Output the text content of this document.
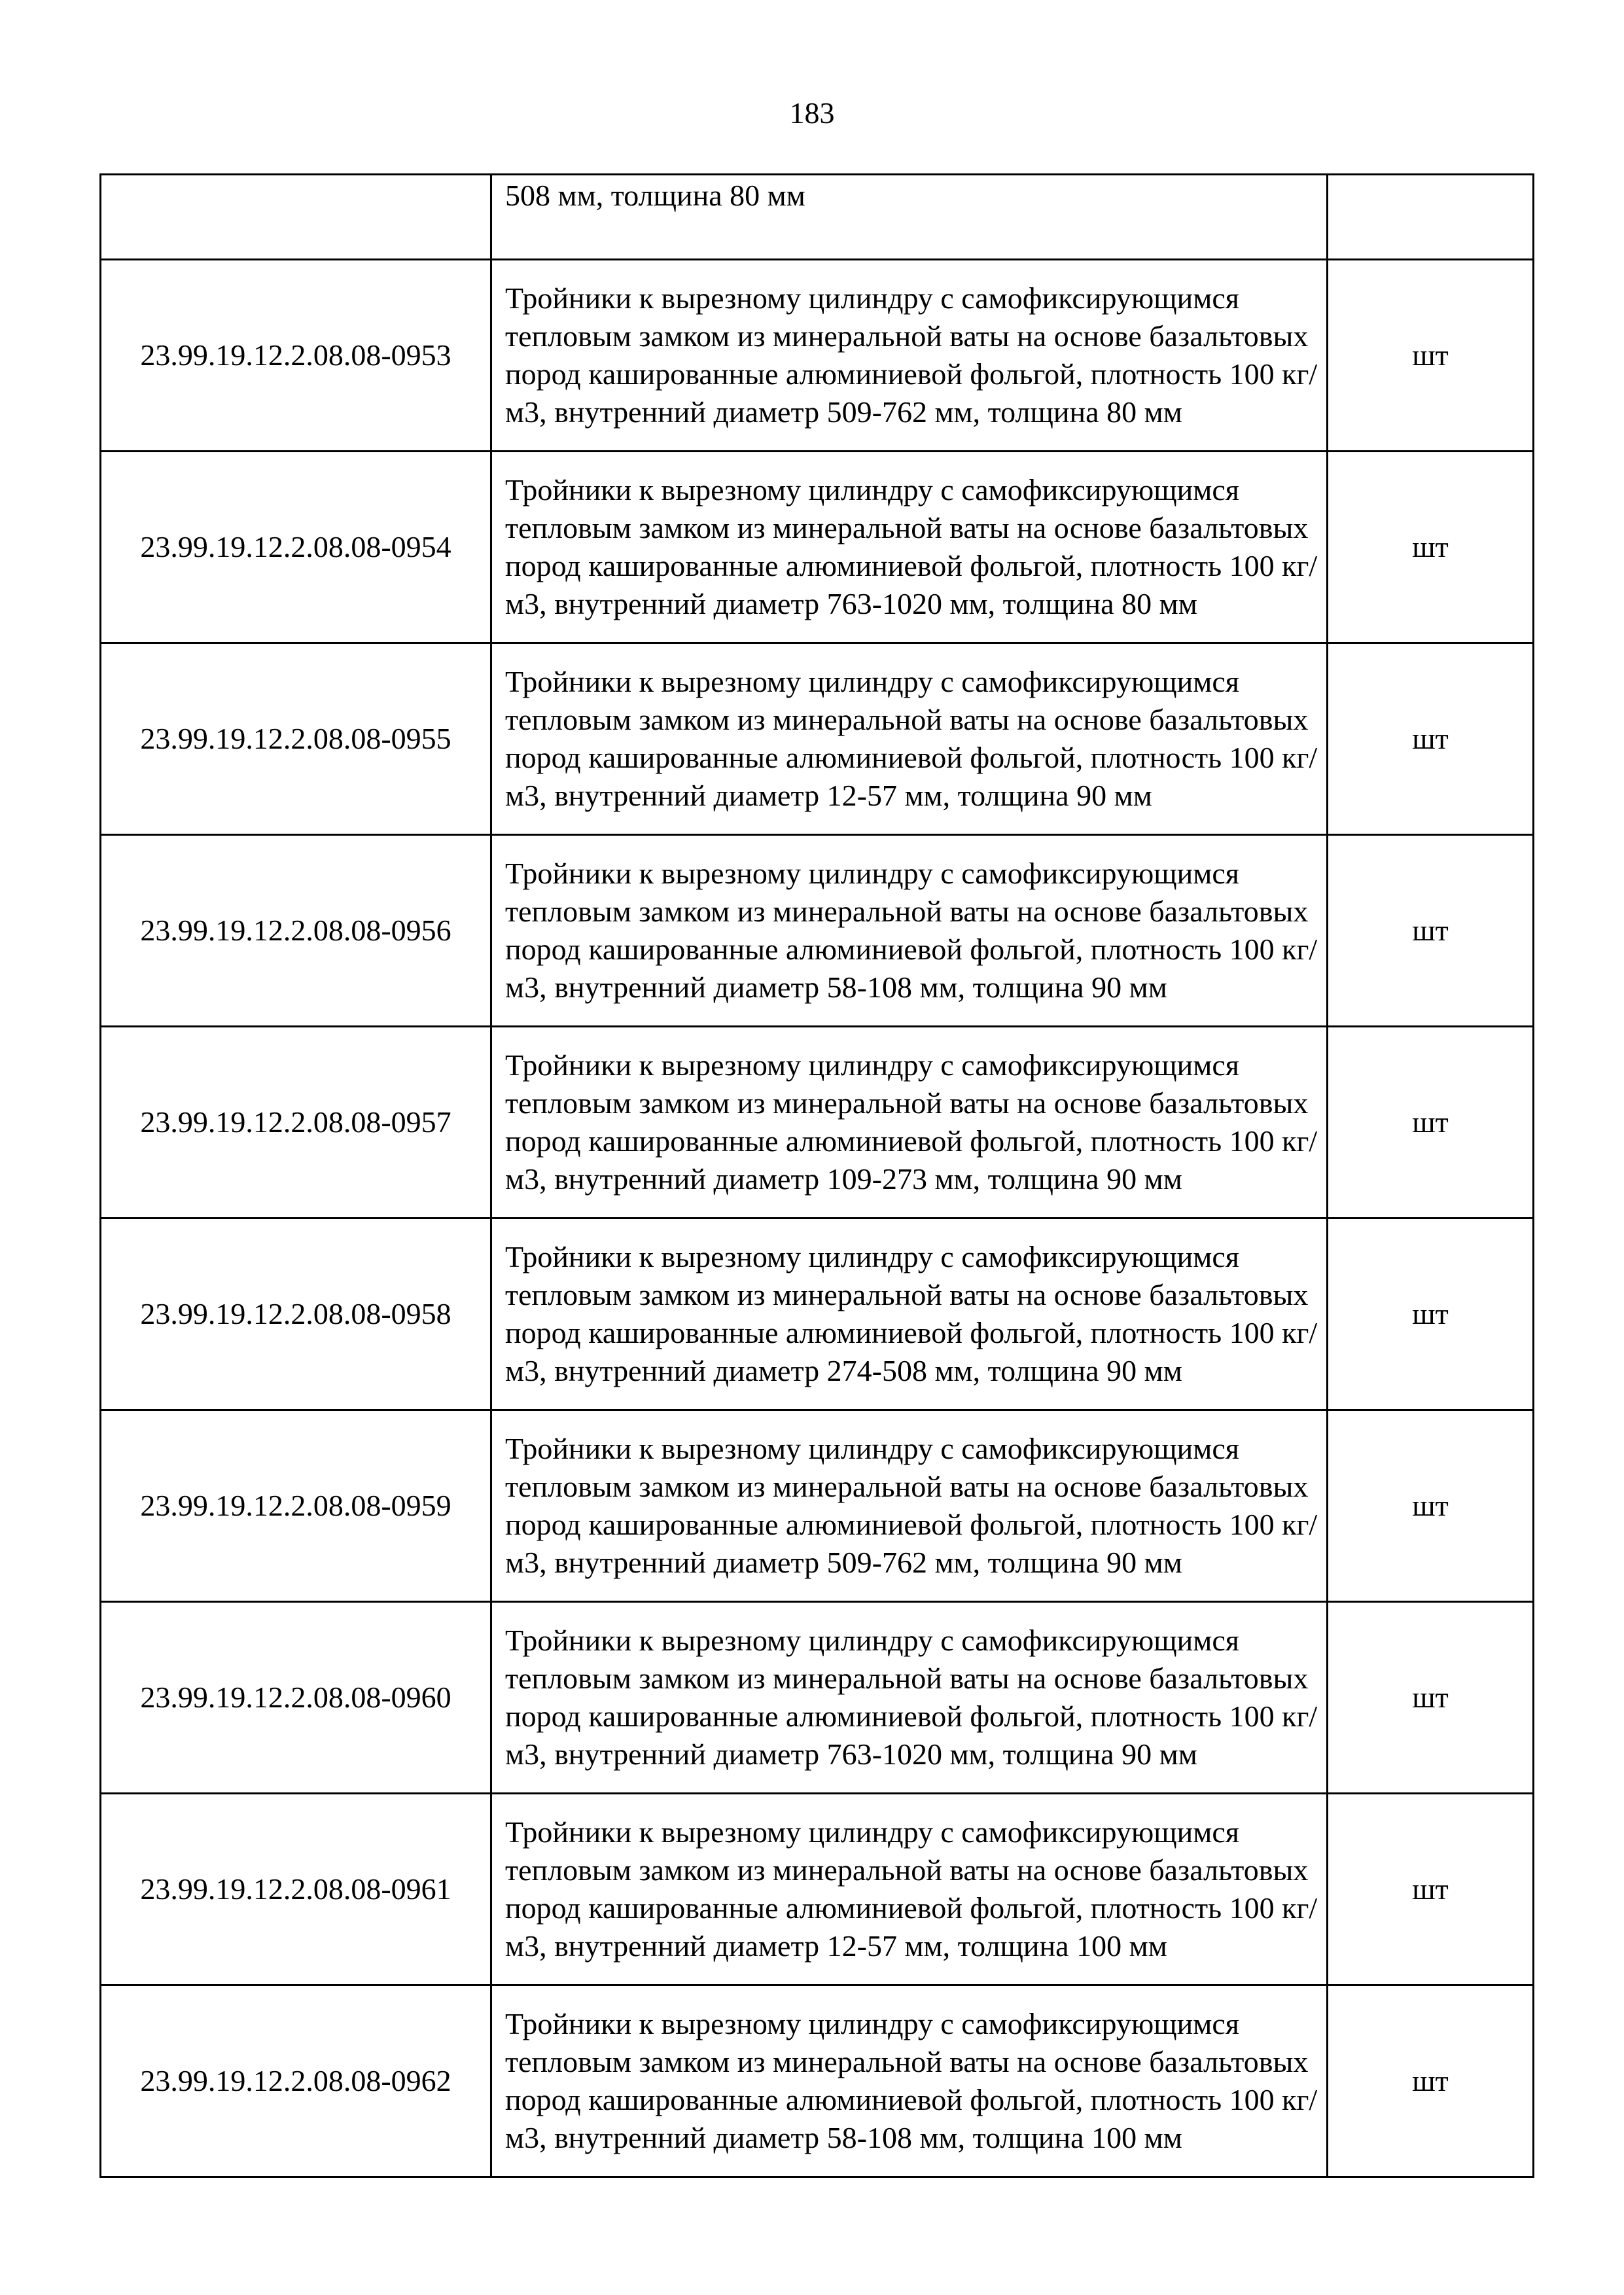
183
	508 мм, толщина 80 мм	
23.99.19.12.2.08.08-0953	Тройники к вырезному цилиндру с самофиксирующимся тепловым замком из минеральной ваты на основе базальтовых пород кашированные алюминиевой фольгой, плотность 100 кг/м3, внутренний диаметр 509-762 мм, толщина 80 мм	шт
23.99.19.12.2.08.08-0954	Тройники к вырезному цилиндру с самофиксирующимся тепловым замком из минеральной ваты на основе базальтовых пород кашированные алюминиевой фольгой, плотность 100 кг/м3, внутренний диаметр 763-1020 мм, толщина 80 мм	шт
23.99.19.12.2.08.08-0955	Тройники к вырезному цилиндру с самофиксирующимся тепловым замком из минеральной ваты на основе базальтовых пород кашированные алюминиевой фольгой, плотность 100 кг/м3, внутренний диаметр 12-57 мм, толщина 90 мм	шт
23.99.19.12.2.08.08-0956	Тройники к вырезному цилиндру с самофиксирующимся тепловым замком из минеральной ваты на основе базальтовых пород кашированные алюминиевой фольгой, плотность 100 кг/м3, внутренний диаметр 58-108 мм, толщина 90 мм	шт
23.99.19.12.2.08.08-0957	Тройники к вырезному цилиндру с самофиксирующимся тепловым замком из минеральной ваты на основе базальтовых пород кашированные алюминиевой фольгой, плотность 100 кг/м3, внутренний диаметр 109-273 мм, толщина 90 мм	шт
23.99.19.12.2.08.08-0958	Тройники к вырезному цилиндру с самофиксирующимся тепловым замком из минеральной ваты на основе базальтовых пород кашированные алюминиевой фольгой, плотность 100 кг/м3, внутренний диаметр 274-508 мм, толщина 90 мм	шт
23.99.19.12.2.08.08-0959	Тройники к вырезному цилиндру с самофиксирующимся тепловым замком из минеральной ваты на основе базальтовых пород кашированные алюминиевой фольгой, плотность 100 кг/м3, внутренний диаметр 509-762 мм, толщина 90 мм	шт
23.99.19.12.2.08.08-0960	Тройники к вырезному цилиндру с самофиксирующимся тепловым замком из минеральной ваты на основе базальтовых пород кашированные алюминиевой фольгой, плотность 100 кг/м3, внутренний диаметр 763-1020 мм, толщина 90 мм	шт
23.99.19.12.2.08.08-0961	Тройники к вырезному цилиндру с самофиксирующимся тепловым замком из минеральной ваты на основе базальтовых пород кашированные алюминиевой фольгой, плотность 100 кг/м3, внутренний диаметр 12-57 мм, толщина 100 мм	шт
23.99.19.12.2.08.08-0962	Тройники к вырезному цилиндру с самофиксирующимся тепловым замком из минеральной ваты на основе базальтовых пород кашированные алюминиевой фольгой, плотность 100 кг/м3, внутренний диаметр 58-108 мм, толщина 100 мм	шт
